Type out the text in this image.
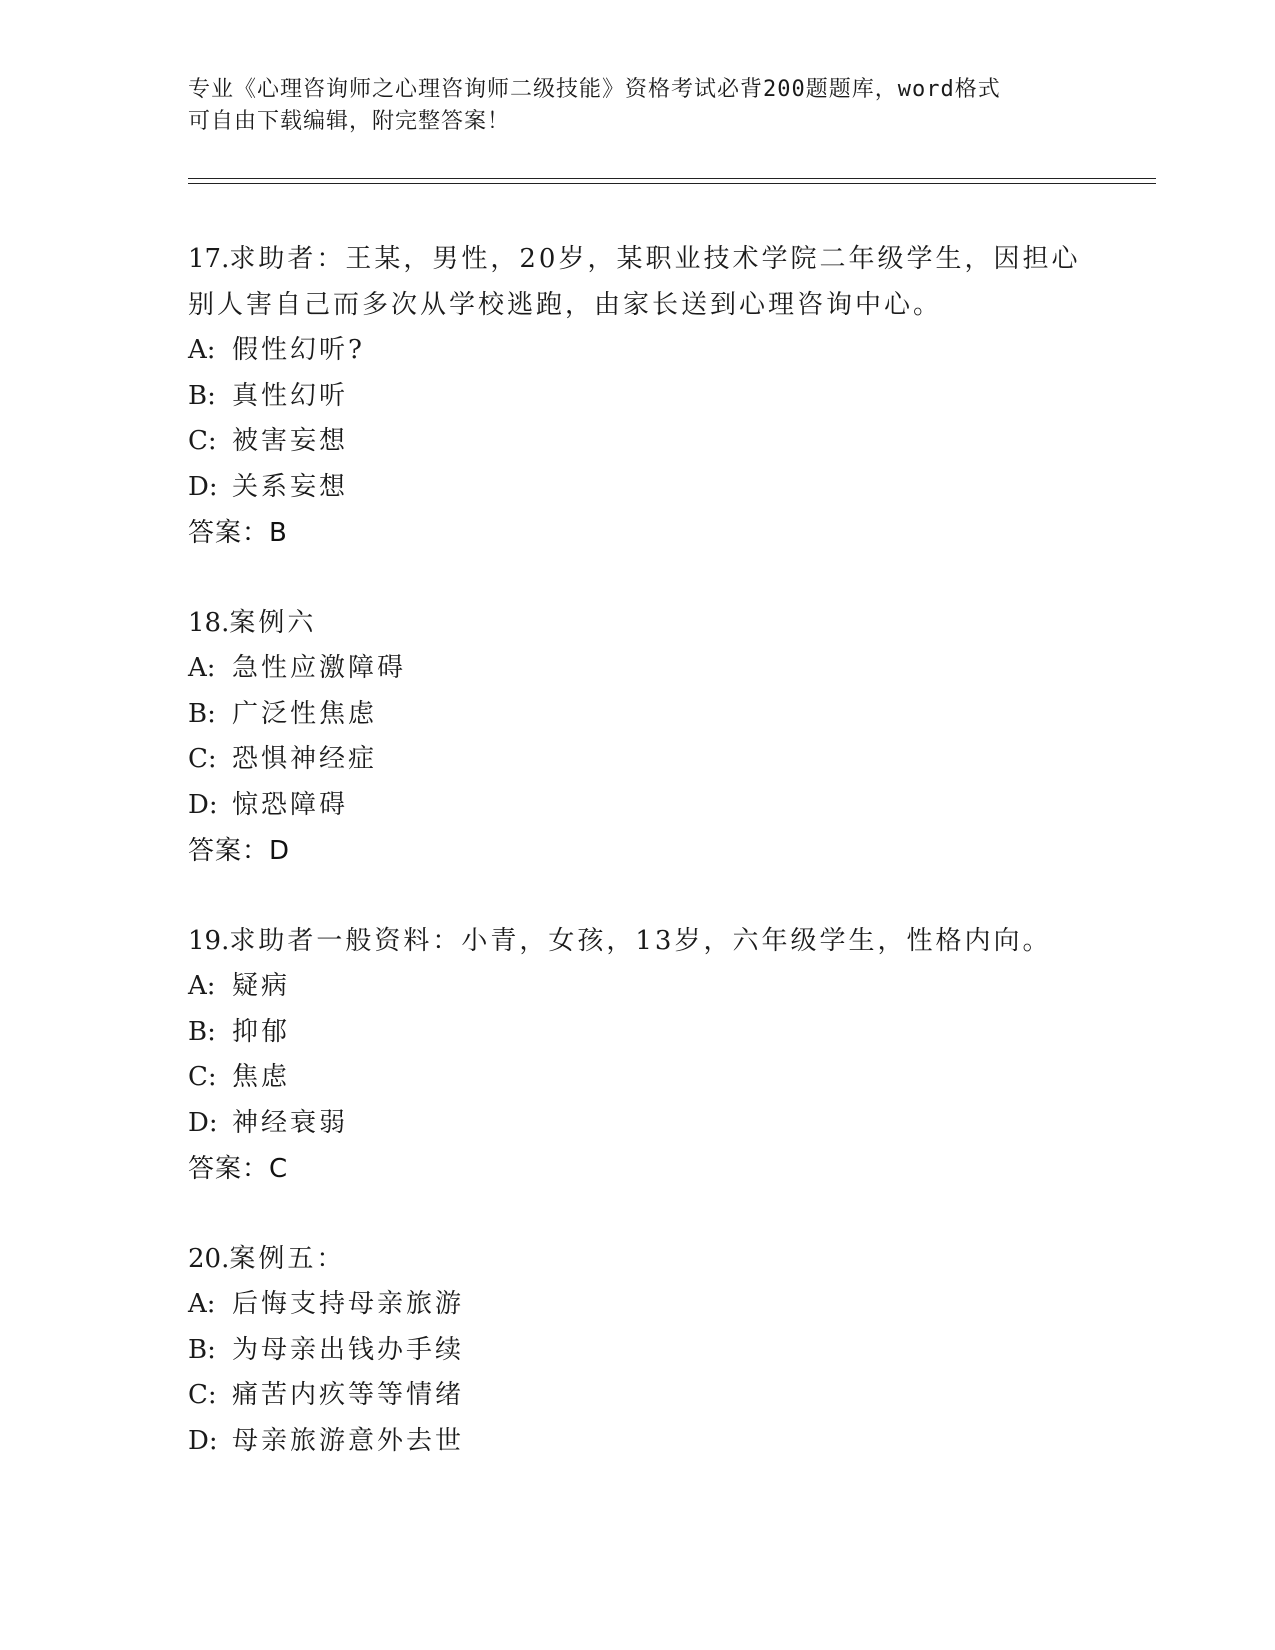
专业《心理咨询师之心理咨询师二级技能》资格考试必背200题题库，word格式
可自由下载编辑，附完整答案！
17.求助者：王某，男性，20岁，某职业技术学院二年级学生，因担心别人害自己而多次从学校逃跑，由家长送到心理咨询中心。
A: 假性幻听?
B: 真性幻听
C: 被害妄想
D: 关系妄想
答案：B
18.案例六
A: 急性应激障碍
B: 广泛性焦虑
C: 恐惧神经症
D: 惊恐障碍
答案：D
19.求助者一般资料：小青，女孩，13岁，六年级学生，性格内向。
A: 疑病
B: 抑郁
C: 焦虑
D: 神经衰弱
答案：C
20.案例五：
A: 后悔支持母亲旅游
B: 为母亲出钱办手续
C: 痛苦内疚等等情绪
D: 母亲旅游意外去世
